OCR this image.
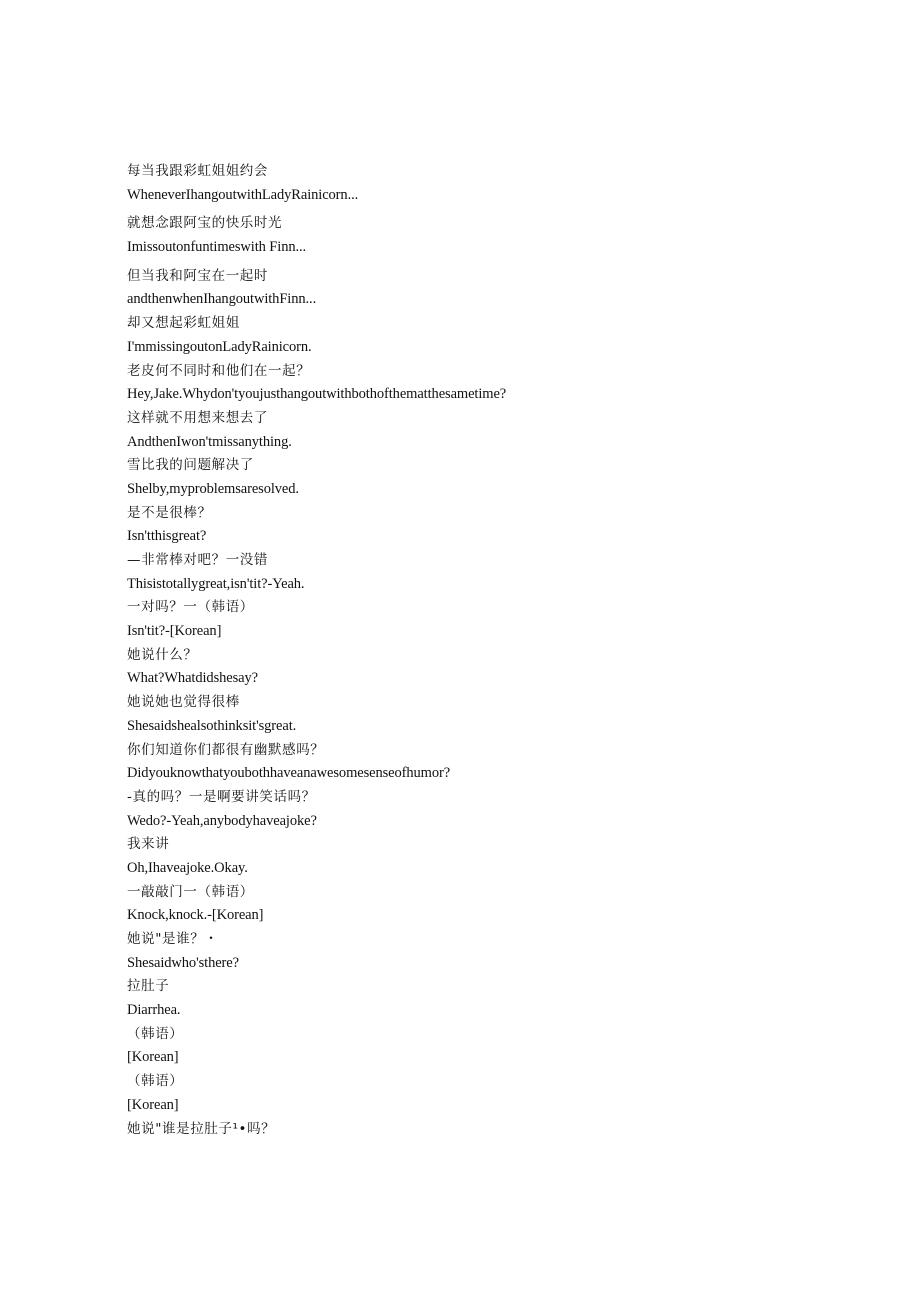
每当我跟彩虹姐姐约会
WheneverIhangoutwithLadyRainicorn...
就想念跟阿宝的快乐时光
Imissoutonfuntimeswith Finn...
但当我和阿宝在一起时
andthenwhenIhangoutwithFinn...
却又想起彩虹姐姐
I'mmissingoutonLadyRainicorn.
老皮何不同时和他们在一起？
Hey,Jake.Whydon'tyoujusthangoutwithbothofthematthesametime?
这样就不用想来想去了
AndthenIwon'tmissanything.
雪比我的问题解决了
Shelby,myproblemsaresolved.
是不是很棒？
Isn'tthisgreat?
—非常棒对吧？一没错
Thisistotallygreat,isn'tit?-Yeah.
一对吗？一（韩语）
Isn'tit?-[Korean]
她说什么？
What?Whatdidshesay?
她说她也觉得很棒
Shesaidshealsothinksit'sgreat.
你们知道你们都很有幽默感吗？
Didyouknowthatyoubothhaveanawesomesenseofhumor?
-真的吗？一是啊要讲笑话吗？
Wedo?-Yeah,anybodyhaveajoke?
我来讲
Oh,Ihaveajoke.Okay.
一敲敲门一（韩语）
Knock,knock.-[Korean]
她说"是谁？・
Shesaidwho'sthere?
拉肚子
Diarrhea.
（韩语）
[Korean]
（韩语）
[Korean]
她说"谁是拉肚子¹•吗？
